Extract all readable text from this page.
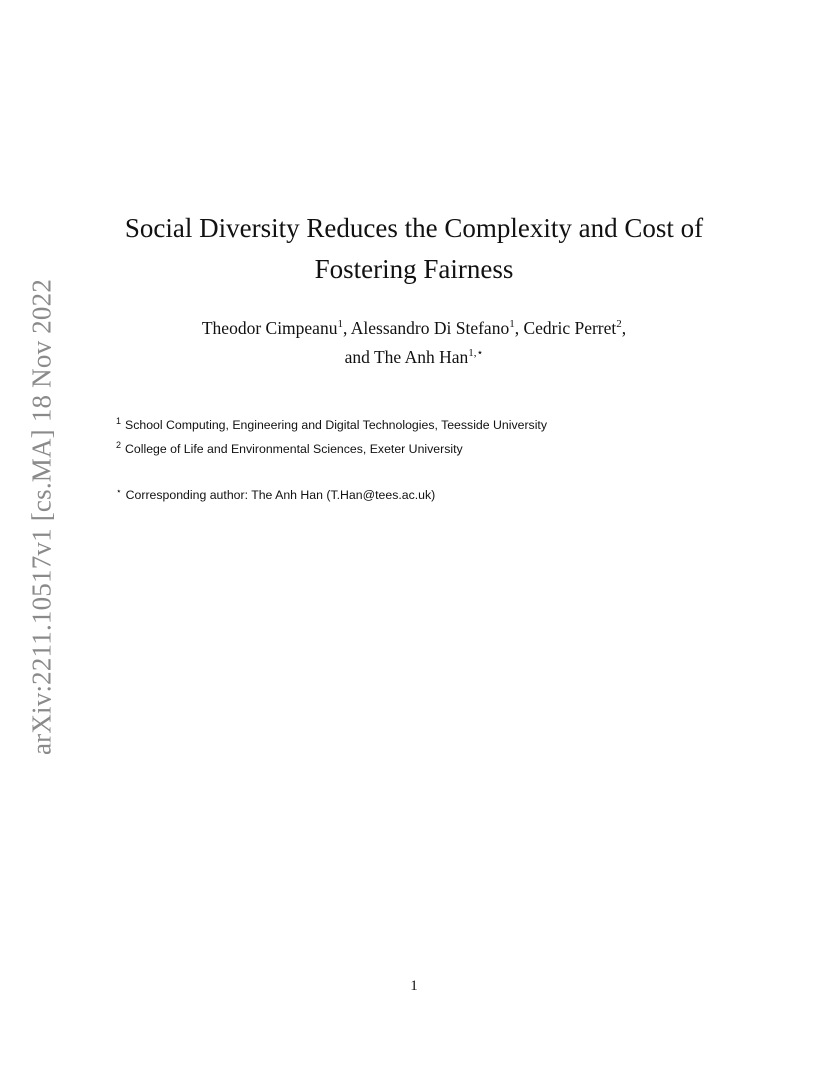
arXiv:2211.10517v1 [cs.MA] 18 Nov 2022
Social Diversity Reduces the Complexity and Cost of
Fostering Fairness
Theodor Cimpeanu$^1$, Alessandro Di Stefano$^1$, Cedric Perret$^2$,
and The Anh Han$^{1,⋆}$
$^1$ School Computing, Engineering and Digital Technologies, Teesside University
$^2$ College of Life and Environmental Sciences, Exeter University
⋆ Corresponding author: The Anh Han (T.Han@tees.ac.uk)
1
